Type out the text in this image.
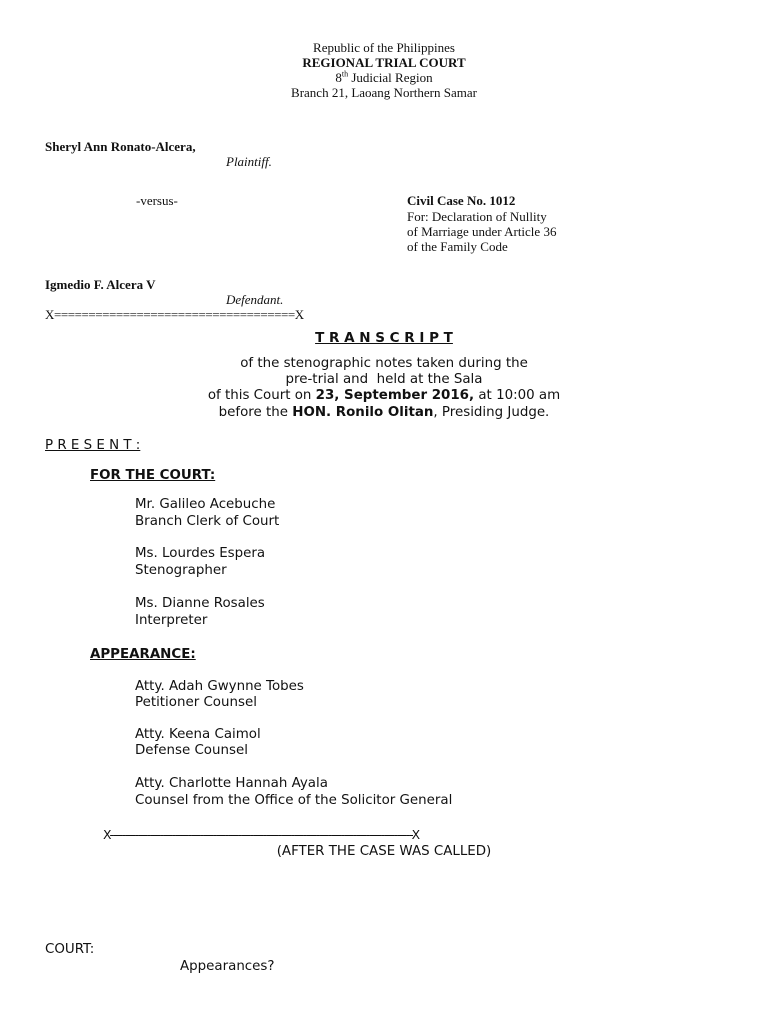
Republic of the Philippines
REGIONAL TRIAL COURT
8th Judicial Region
Branch 21, Laoang Northern Samar
Sheryl Ann Ronato-Alcera,
Plaintiff.
-versus-	Civil Case No. 1012
For: Declaration of Nullity
of Marriage under Article 36
of the Family Code
Igmedio F. Alcera V
Defendant.
X===================================X
T R A N S C R I P T
of the stenographic notes taken during the
pre-trial and  held at the Sala
of this Court on 23, September 2016, at 10:00 am
before the HON. Ronilo Olitan, Presiding Judge.
P R E S E N T :
FOR THE COURT:
Mr. Galileo Acebuche
Branch Clerk of Court
Ms. Lourdes Espera
Stenographer
Ms. Dianne Rosales
Interpreter
APPEARANCE:
Atty. Adah Gwynne Tobes
Petitioner Counsel
Atty. Keena Caimol
Defense Counsel
Atty. Charlotte Hannah Ayala
Counsel from the Office of the Solicitor General
X-------------------------------------------------------------------------------------------------X
(AFTER THE CASE WAS CALLED)
COURT:
Appearances?
